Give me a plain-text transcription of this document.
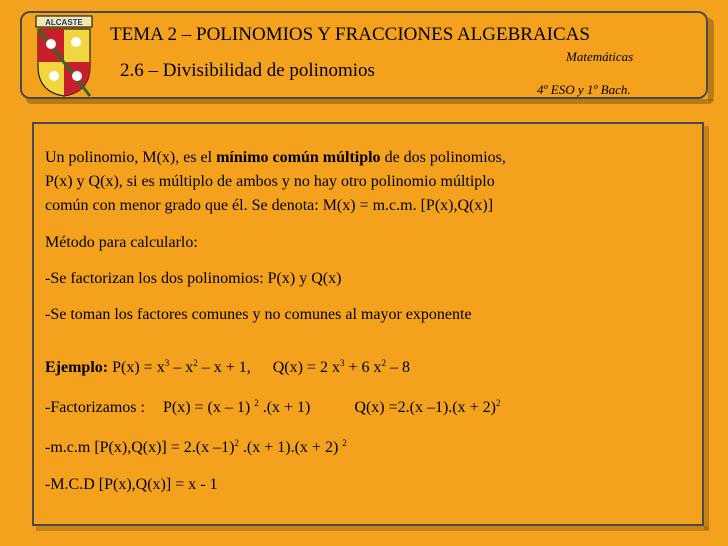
ALCASTE
TEMA 2 – POLINOMIOS Y FRACCIONES ALGEBRAICAS
2.6 – Divisibilidad de polinomios
Matemáticas
4º ESO y 1º Bach.
Un polinomio, M(x), es el mínimo común múltiplo de dos polinomios,
P(x) y Q(x), si es múltiplo de ambos y no hay otro polinomio múltiplo
común con menor grado que él. Se denota: M(x) = m.c.m. [P(x),Q(x)]
Método para calcularlo:
-Se factorizan los dos polinomios: P(x) y Q(x)
-Se toman los factores comunes y no comunes al mayor exponente
Ejemplo: $P(x) = x^3 - x^2 - x + 1$, Q(x) = 2 $x^3 + 6$ $x^2 - 8$
-Factorizamos : P(x) = (x – 1) $^2$ .(x + 1)	Q(x) =2.(x $-1).(x + 2)^2$
-m.c.m [P(x),Q(x)] = 2.(x –1)$^2$ .(x + 1).(x + 2) $^2$
-M.C.D [P(x),Q(x)] = x - 1
